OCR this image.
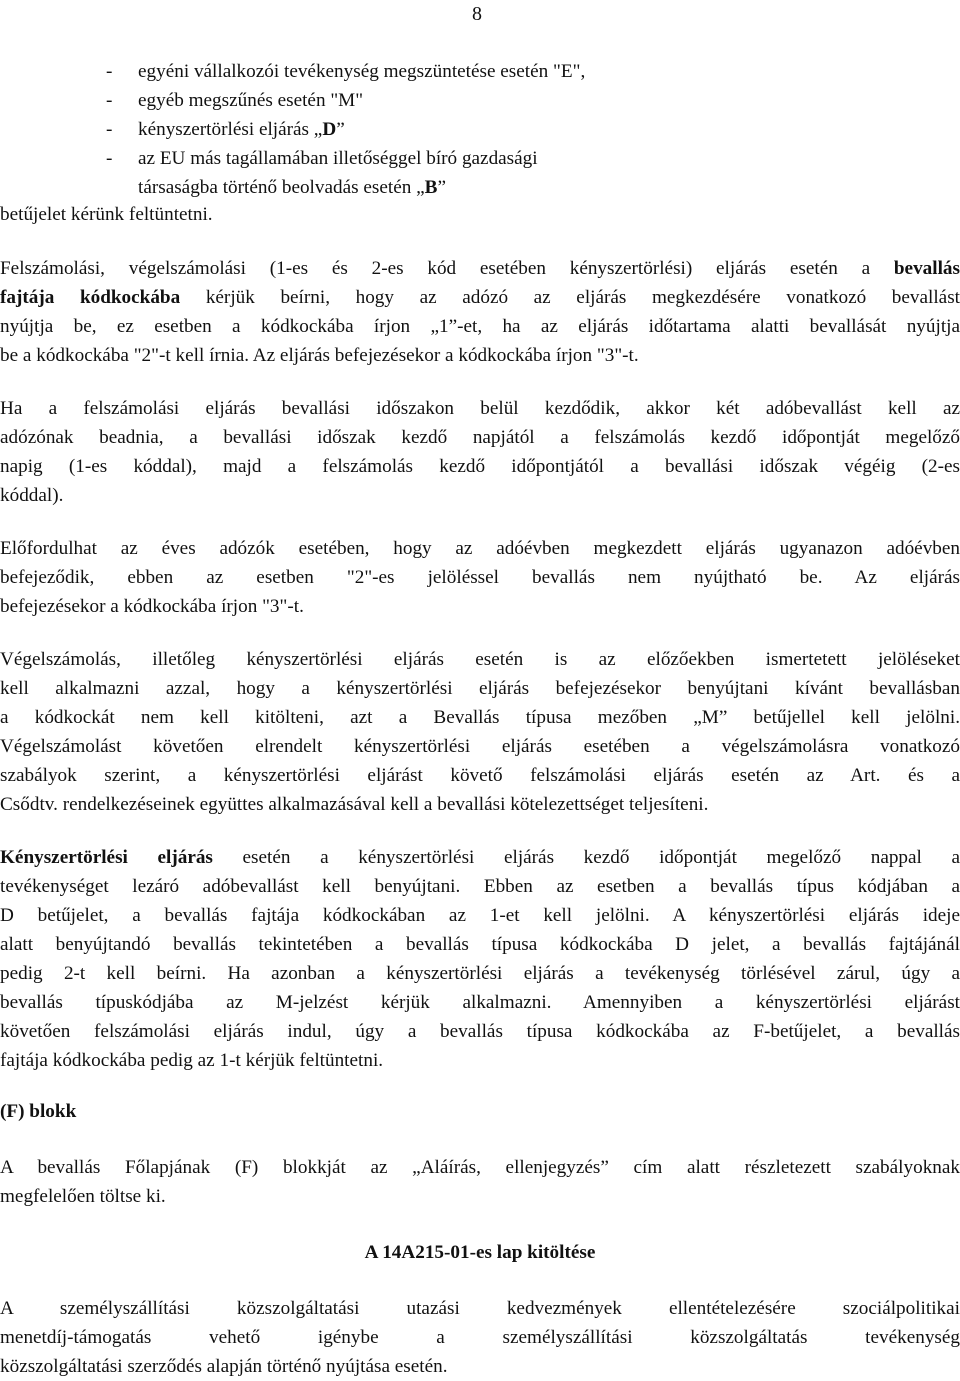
8
- egyéni vállalkozói tevékenység megszüntetése esetén "E",
- egyéb megszűnés esetén "M"
- kényszertörlési eljárás „D”
- az EU más tagállamában illetőséggel bíró gazdasági
társaságba történő beolvadás esetén „B”
betűjelet kérünk feltüntetni.
Felszámolási, végelszámolási (1-es és 2-es kód esetében kényszertörlési) eljárás esetén a bevallás
fajtája kódkockába kérjük beírni, hogy az adózó az eljárás megkezdésére vonatkozó bevallást
nyújtja be, ez esetben a kódkockába írjon „1”-et, ha az eljárás időtartama alatti bevallását nyújtja
be a kódkockába "2"-t kell írnia. Az eljárás befejezésekor a kódkockába írjon "3"-t.
Ha a felszámolási eljárás bevallási időszakon belül kezdődik, akkor két adóbevallást kell az
adózónak beadnia, a bevallási időszak kezdő napjától a felszámolás kezdő időpontját megelőző
napig (1-es kóddal), majd a felszámolás kezdő időpontjától a bevallási időszak végéig (2-es
kóddal).
Előfordulhat az éves adózók esetében, hogy az adóévben megkezdett eljárás ugyanazon adóévben
befejeződik, ebben az esetben "2"-es jelöléssel bevallás nem nyújtható be. Az eljárás
befejezésekor a kódkockába írjon "3"-t.
Végelszámolás, illetőleg kényszertörlési eljárás esetén is az előzőekben ismertetett jelöléseket
kell alkalmazni azzal, hogy a kényszertörlési eljárás befejezésekor benyújtani kívánt bevallásban
a kódkockát nem kell kitölteni, azt a Bevallás típusa mezőben „M” betűjellel kell jelölni.
Végelszámolást követően elrendelt kényszertörlési eljárás esetében a végelszámolásra vonatkozó
szabályok szerint, a kényszertörlési eljárást követő felszámolási eljárás esetén az Art. és a
Csődtv. rendelkezéseinek együttes alkalmazásával kell a bevallási kötelezettséget teljesíteni.
Kényszertörlési eljárás esetén a kényszertörlési eljárás kezdő időpontját megelőző nappal a
tevékenységet lezáró adóbevallást kell benyújtani. Ebben az esetben a bevallás típus kódjában a
D betűjelet, a bevallás fajtája kódkockában az 1-et kell jelölni. A kényszertörlési eljárás ideje
alatt benyújtandó bevallás tekintetében a bevallás típusa kódkockába D jelet, a bevallás fajtájánál
pedig 2-t kell beírni. Ha azonban a kényszertörlési eljárás a tevékenység törlésével zárul, úgy a
bevallás típuskódjába az M-jelzést kérjük alkalmazni. Amennyiben a kényszertörlési eljárást
követően felszámolási eljárás indul, úgy a bevallás típusa kódkockába az F-betűjelet, a bevallás
fajtája kódkockába pedig az 1-t kérjük feltüntetni.
(F) blokk
A bevallás Főlapjának (F) blokkját az „Aláírás, ellenjegyzés” cím alatt részletezett szabályoknak
megfelelően töltse ki.
A 14A215-01-es lap kitöltése
A személyszállítási közszolgáltatási utazási kedvezmények ellentételezésére szociálpolitikai
menetdíj-támogatás vehető igénybe a személyszállítási közszolgáltatás tevékenység
közszolgáltatási szerződés alapján történő nyújtása esetén.
